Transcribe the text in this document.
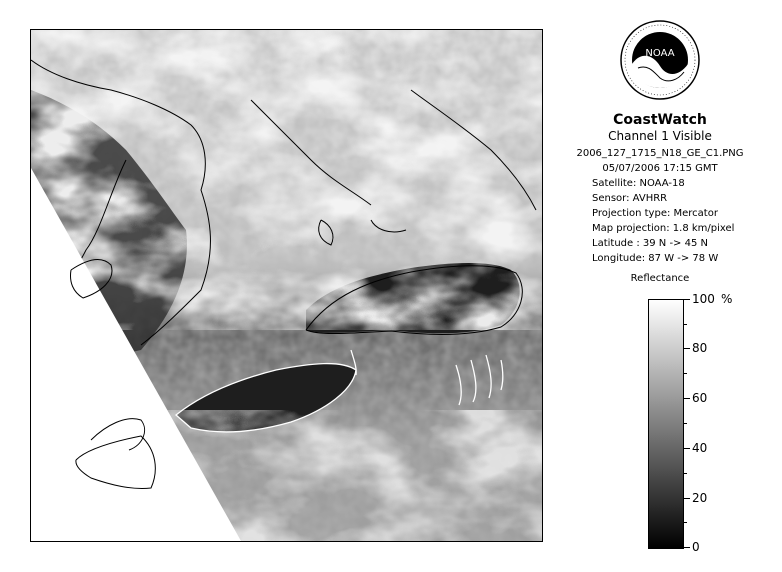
NOAA
CoastWatch
Channel 1 Visible
2006_127_1715_N18_GE_C1.PNG
05/07/2006 17:15 GMT
Satellite: NOAA-18
Sensor: AVHRR
Projection type: Mercator
Map projection: 1.8 km/pixel
Latitude : 39 N -> 45 N
Longitude: 87 W -> 78 W
Reflectance
%
100
80
60
40
20
0
